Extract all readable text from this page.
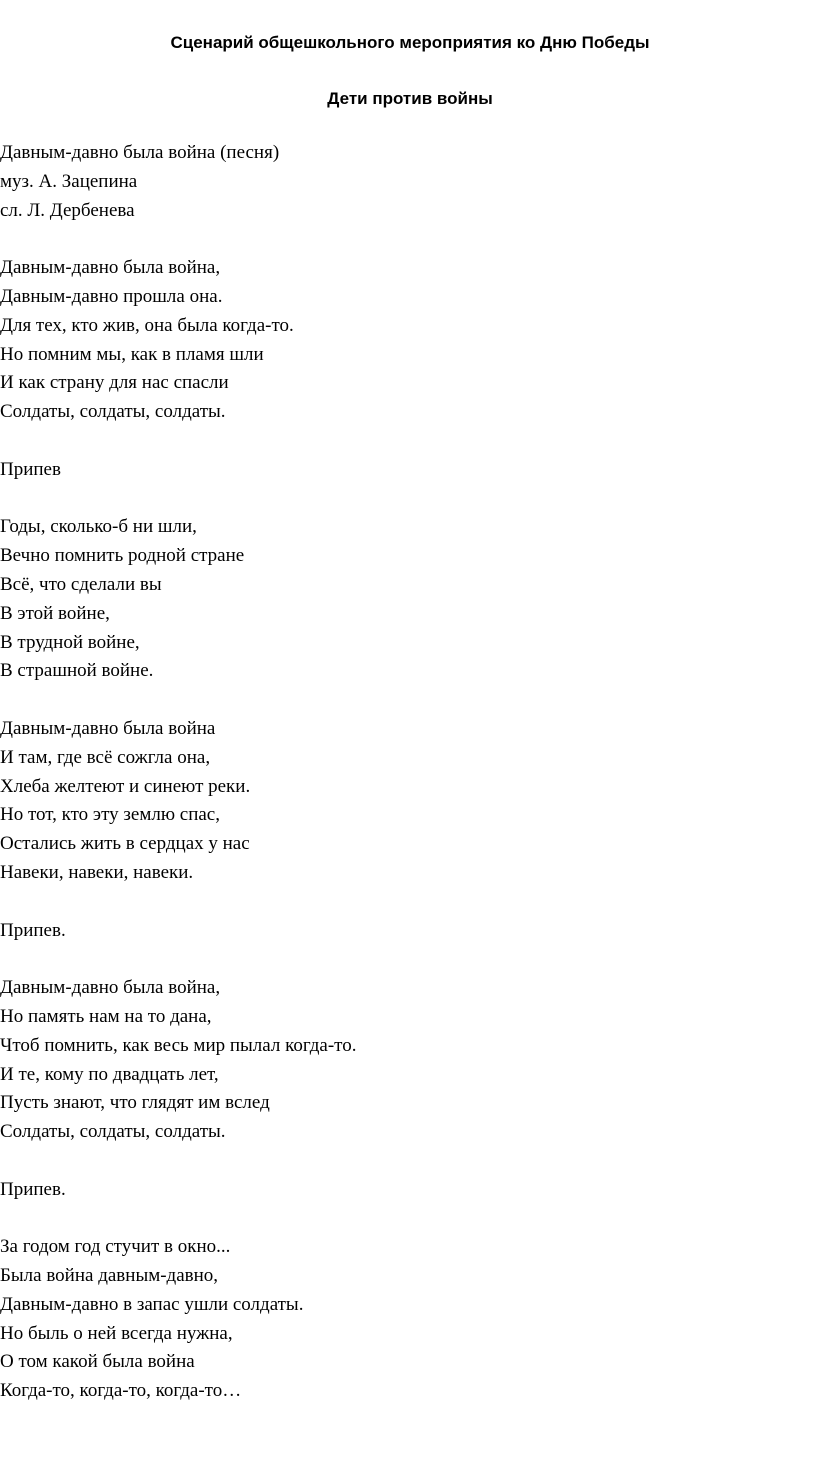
Сценарий общешкольного мероприятия ко Дню Победы
Дети против войны
Давным-давно была война (песня)
муз. А. Зацепина
сл. Л. Дербенева
Давным-давно была война,
Давным-давно прошла она.
Для тех, кто жив, она была когда-то.
Но помним мы, как в пламя шли
И как страну для нас спасли
Солдаты, солдаты, солдаты.
Припев
Годы, сколько-б ни шли,
Вечно помнить родной стране
Всё, что сделали вы
В этой войне,
В трудной войне,
В страшной войне.
Давным-давно была война
И там, где всё сожгла она,
Хлеба желтеют и синеют реки.
Но тот, кто эту землю спас,
Остались жить в сердцах у нас
Навеки, навеки, навеки.
Припев.
Давным-давно была война,
Но память нам на то дана,
Чтоб помнить, как весь мир пылал когда-то.
И те, кому по двадцать лет,
Пусть знают, что глядят им вслед
Солдаты, солдаты, солдаты.
Припев.
За годом год стучит в окно...
Была война давным-давно,
Давным-давно в запас ушли солдаты.
Но быль о ней всегда нужна,
О том какой была война
Когда-то, когда-то, когда-то…
